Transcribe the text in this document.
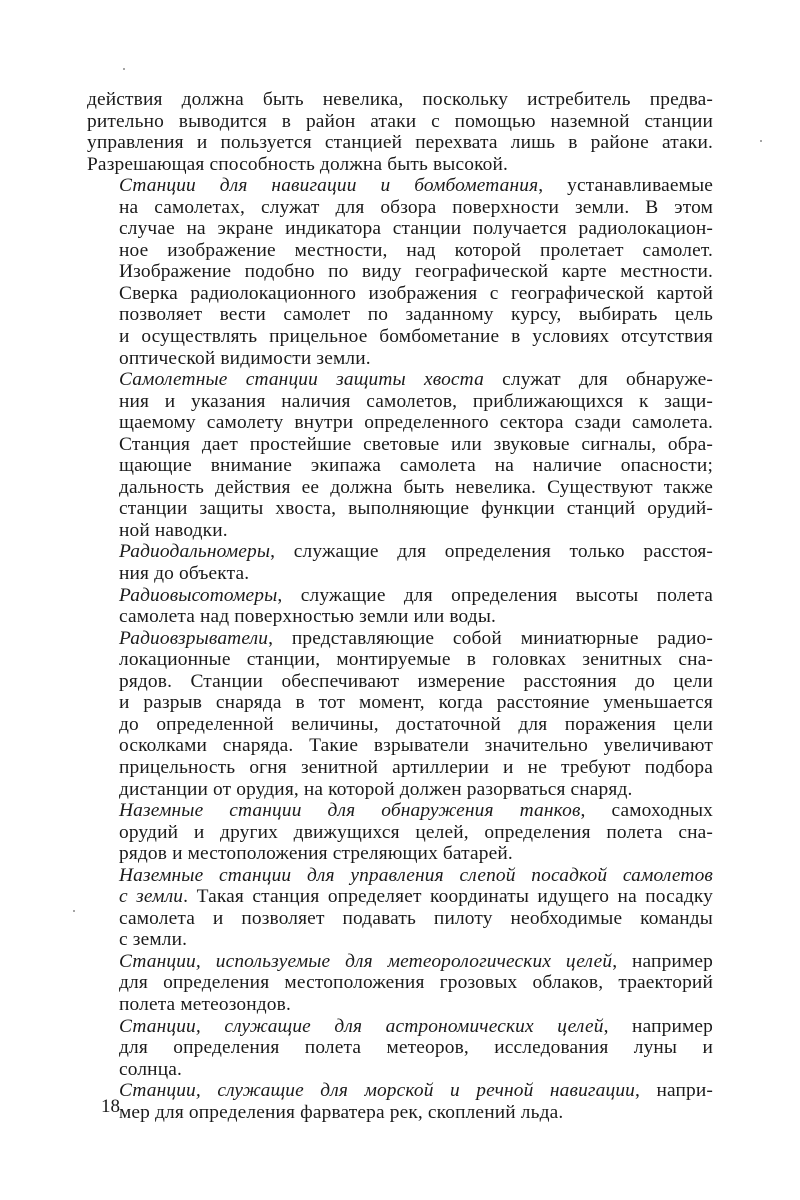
действия должна быть невелика, поскольку истребитель предва-
рительно выводится в район атаки с помощью наземной станции
управления и пользуется станцией перехвата лишь в районе атаки.
Разрешающая способность должна быть высокой.

Станции для навигации и бомбометания, устанавливаемые
на самолетах, служат для обзора поверхности земли. В этом
случае на экране индикатора станции получается радиолокацион-
ное изображение местности, над которой пролетает самолет.
Изображение подобно по виду географической карте местности.
Сверка радиолокационного изображения с географической картой
позволяет вести самолет по заданному курсу, выбирать цель
и осуществлять прицельное бомбометание в условиях отсутствия
оптической видимости земли.

Самолетные станции защиты хвоста служат для обнаруже-
ния и указания наличия самолетов, приближающихся к защи-
щаемому самолету внутри определенного сектора сзади самолета.
Станция дает простейшие световые или звуковые сигналы, обра-
щающие внимание экипажа самолета на наличие опасности;
дальность действия ее должна быть невелика. Существуют также
станции защиты хвоста, выполняющие функции станций орудий-
ной наводки.

Радиодальномеры, служащие для определения только расстоя-
ния до объекта.

Радиовысотомеры, служащие для определения высоты полета
самолета над поверхностью земли или воды.

Радиовзрыватели, представляющие собой миниатюрные радио-
локационные станции, монтируемые в головках зенитных сна-
рядов. Станции обеспечивают измерение расстояния до цели
и разрыв снаряда в тот момент, когда расстояние уменьшается
до определенной величины, достаточной для поражения цели
осколками снаряда. Такие взрыватели значительно увеличивают
прицельность огня зенитной артиллерии и не требуют подбора
дистанции от орудия, на которой должен разорваться снаряд.

Наземные станции для обнаружения танков, самоходных
орудий и других движущихся целей, определения полета сна-
рядов и местоположения стреляющих батарей.

Наземные станции для управления слепой посадкой самолетов
с земли. Такая станция определяет координаты идущего на посадку
самолета и позволяет подавать пилоту необходимые команды
с земли.

Станции, используемые для метеорологических целей, например
для определения местоположения грозовых облаков, траекторий
полета метеозондов.

Станции, служащие для астрономических целей, например
для определения полета метеоров, исследования луны и
солнца.

Станции, служащие для морской и речной навигации, напри-
мер для определения фарватера рек, скоплений льда.

18
